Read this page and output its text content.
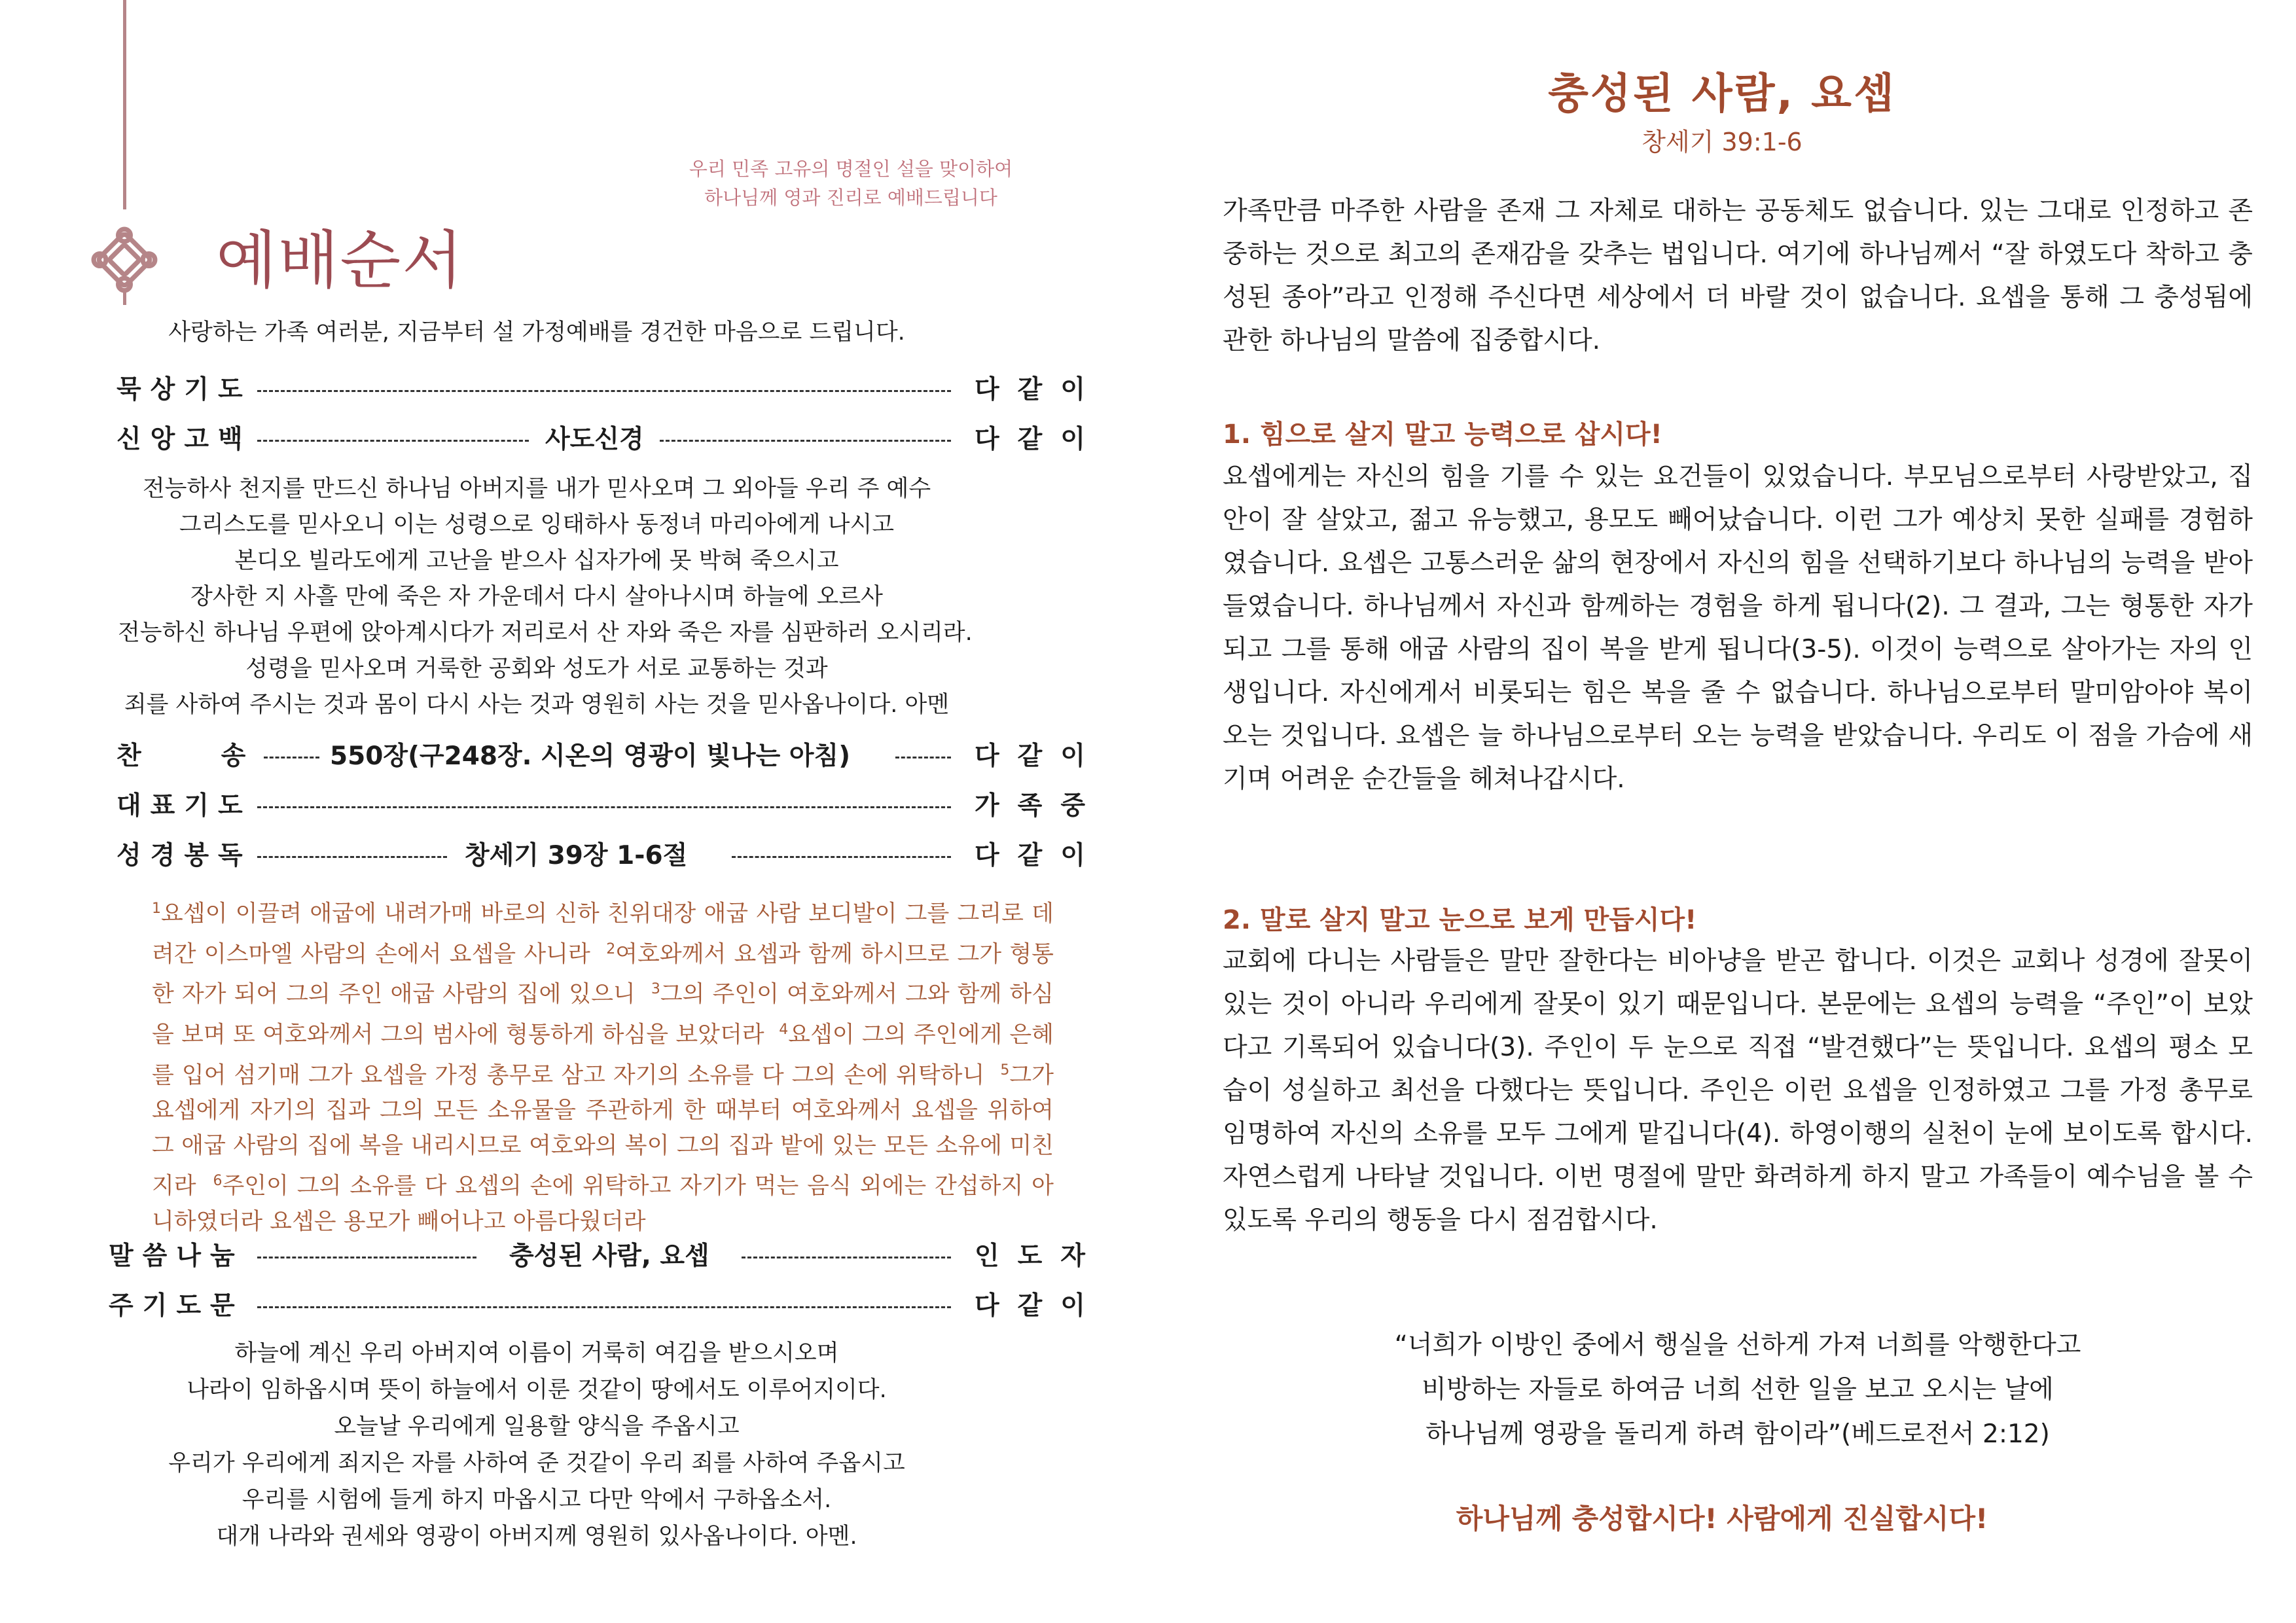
우리 민족 고유의 명절인 설을 맞이하여
하나님께 영과 진리로 예배드립니다
예배순서
사랑하는 가족 여러분, 지금부터 설 가정예배를 경건한 마음으로 드립니다.
묵상기도	다같이
신앙고백	사도신경	다같이
찬송 550장(구248장. 시온의 영광이 빛나는 아침)	다같이
대표기도	가족중
성경봉독	창세기 39장 1-6절	다같이
말씀나눔	충성된 사람, 요셉	인도자
주기도문	다같이
전능하사 천지를 만드신 하나님 아버지를 내가 믿사오며 그 외아들 우리 주 예수
그리스도를 믿사오니 이는 성령으로 잉태하사 동정녀 마리아에게 나시고
본디오 빌라도에게 고난을 받으사 십자가에 못 박혀 죽으시고
장사한 지 사흘 만에 죽은 자 가운데서 다시 살아나시며 하늘에 오르사
전능하신 하나님 우편에 앉아계시다가 저리로서 산 자와 죽은 자를 심판하러 오시리라.
성령을 믿사오며 거룩한 공회와 성도가 서로 교통하는 것과
죄를 사하여 주시는 것과 몸이 다시 사는 것과 영원히 사는 것을 믿사옵나이다. 아멘
$^1$요셉이 이끌려 애굽에 내려가매 바로의 신하 친위대장 애굽 사람 보디발이 그를 그리로 데려간 이스마엘 사람의 손에서 요셉을 사니라 $^2$여호와께서 요셉과 함께 하시므로 그가 형통한 자가 되어 그의 주인 애굽 사람의 집에 있으니 $^3$그의 주인이 여호와께서 그와 함께 하심을 보며 또 여호와께서 그의 범사에 형통하게 하심을 보았더라 $^4$요셉이 그의 주인에게 은혜를 입어 섬기매 그가 요셉을 가정 총무로 삼고 자기의 소유를 다 그의 손에 위탁하니 $^5$그가 요셉에게 자기의 집과 그의 모든 소유물을 주관하게 한 때부터 여호와께서 요셉을 위하여 그 애굽 사람의 집에 복을 내리시므로 여호와의 복이 그의 집과 밭에 있는 모든 소유에 미친지라 $^6$주인이 그의 소유를 다 요셉의 손에 위탁하고 자기가 먹는 음식 외에는 간섭하지 아니하였더라 요셉은 용모가 빼어나고 아름다웠더라
하늘에 계신 우리 아버지여 이름이 거룩히 여김을 받으시오며
나라이 임하옵시며 뜻이 하늘에서 이룬 것같이 땅에서도 이루어지이다.
오늘날 우리에게 일용할 양식을 주옵시고
우리가 우리에게 죄지은 자를 사하여 준 것같이 우리 죄를 사하여 주옵시고
우리를 시험에 들게 하지 마옵시고 다만 악에서 구하옵소서.
대개 나라와 권세와 영광이 아버지께 영원히 있사옵나이다. 아멘.
충성된 사람, 요셉
창세기 39:1-6
가족만큼 마주한 사람을 존재 그 자체로 대하는 공동체도 없습니다. 있는 그대로 인정하고 존중하는 것으로 최고의 존재감을 갖추는 법입니다. 여기에 하나님께서 “잘 하였도다 착하고 충성된 종아”라고 인정해 주신다면 세상에서 더 바랄 것이 없습니다. 요셉을 통해 그 충성됨에 관한 하나님의 말씀에 집중합시다.
1. 힘으로 살지 말고 능력으로 삽시다!
요셉에게는 자신의 힘을 기를 수 있는 요건들이 있었습니다. 부모님으로부터 사랑받았고, 집안이 잘 살았고, 젊고 유능했고, 용모도 빼어났습니다. 이런 그가 예상치 못한 실패를 경험하였습니다. 요셉은 고통스러운 삶의 현장에서 자신의 힘을 선택하기보다 하나님의 능력을 받아들였습니다. 하나님께서 자신과 함께하는 경험을 하게 됩니다(2). 그 결과, 그는 형통한 자가 되고 그를 통해 애굽 사람의 집이 복을 받게 됩니다(3-5). 이것이 능력으로 살아가는 자의 인생입니다. 자신에게서 비롯되는 힘은 복을 줄 수 없습니다. 하나님으로부터 말미암아야 복이 오는 것입니다. 요셉은 늘 하나님으로부터 오는 능력을 받았습니다. 우리도 이 점을 가슴에 새기며 어려운 순간들을 헤쳐나갑시다.
2. 말로 살지 말고 눈으로 보게 만듭시다!
교회에 다니는 사람들은 말만 잘한다는 비아냥을 받곤 합니다. 이것은 교회나 성경에 잘못이 있는 것이 아니라 우리에게 잘못이 있기 때문입니다. 본문에는 요셉의 능력을 “주인”이 보았다고 기록되어 있습니다(3). 주인이 두 눈으로 직접 “발견했다”는 뜻입니다. 요셉의 평소 모습이 성실하고 최선을 다했다는 뜻입니다. 주인은 이런 요셉을 인정하였고 그를 가정 총무로 임명하여 자신의 소유를 모두 그에게 맡깁니다(4). 하영이행의 실천이 눈에 보이도록 합시다. 자연스럽게 나타날 것입니다. 이번 명절에 말만 화려하게 하지 말고 가족들이 예수님을 볼 수 있도록 우리의 행동을 다시 점검합시다.
“너희가 이방인 중에서 행실을 선하게 가져 너희를 악행한다고
비방하는 자들로 하여금 너희 선한 일을 보고 오시는 날에
하나님께 영광을 돌리게 하려 함이라”(베드로전서 2:12)
하나님께 충성합시다! 사람에게 진실합시다!
